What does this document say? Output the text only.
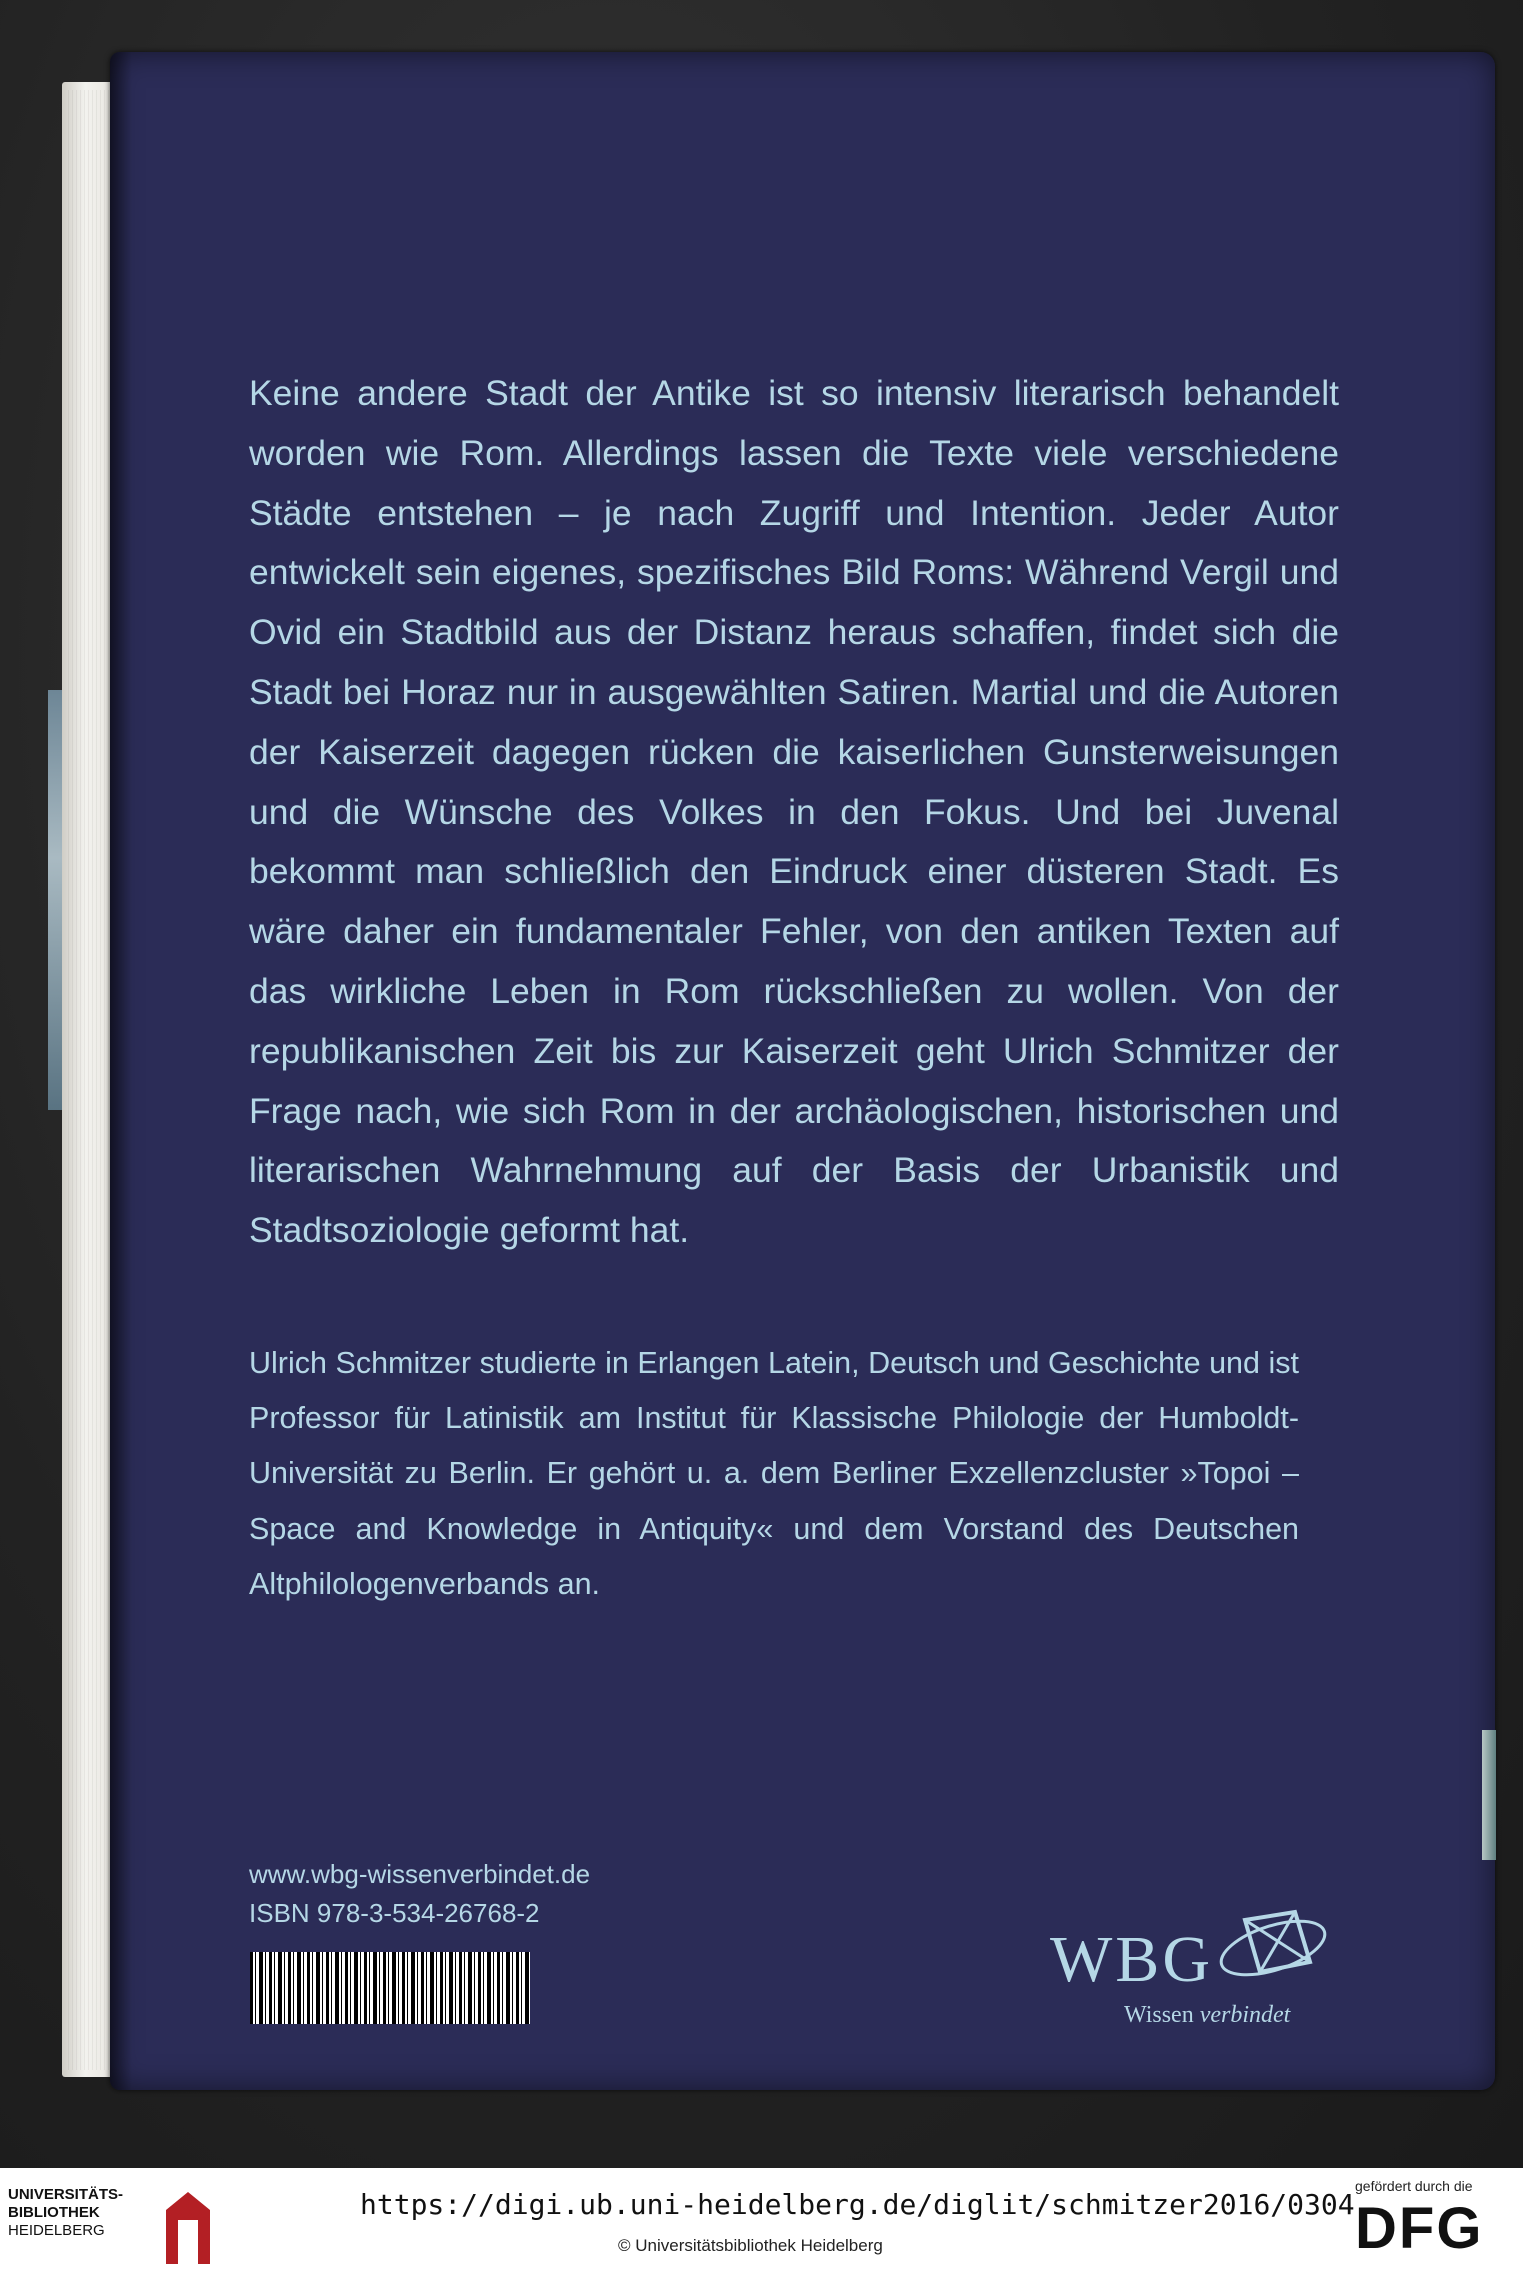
Keine andere Stadt der Antike ist so intensiv literarisch behandelt worden wie Rom. Allerdings lassen die Texte viele verschiedene Städte entstehen – je nach Zugriff und Intention. Jeder Autor entwickelt sein eigenes, spezifisches Bild Roms: Während Vergil und Ovid ein Stadtbild aus der Distanz heraus schaffen, findet sich die Stadt bei Horaz nur in ausgewählten Satiren. Martial und die Autoren der Kaiserzeit dagegen rücken die kaiserlichen Gunsterweisungen und die Wünsche des Volkes in den Fokus. Und bei Juvenal bekommt man schließlich den Eindruck einer düsteren Stadt. Es wäre daher ein fundamentaler Fehler, von den antiken Texten auf das wirkliche Leben in Rom rückschließen zu wollen. Von der republikanischen Zeit bis zur Kaiserzeit geht Ulrich Schmitzer der Frage nach, wie sich Rom in der archäologischen, historischen und literarischen Wahrnehmung auf der Basis der Urbanistik und Stadtsoziologie geformt hat.

Ulrich Schmitzer studierte in Erlangen Latein, Deutsch und Geschichte und ist Professor für Latinistik am Institut für Klassische Philologie der Humboldt-Universität zu Berlin. Er gehört u. a. dem Berliner Exzellenzcluster »Topoi – Space and Knowledge in Antiquity« und dem Vorstand des Deutschen Altphilologenverbands an.

www.wbg-wissenverbindet.de

ISBN 978-3-534-26768-2

WBG

Wissen verbindet

UNIVERSITÄTS-
BIBLIOTHEK
HEIDELBERG

https://digi.ub.uni-heidelberg.de/diglit/schmitzer2016/0304

© Universitätsbibliothek Heidelberg

gefördert durch die

DFG
